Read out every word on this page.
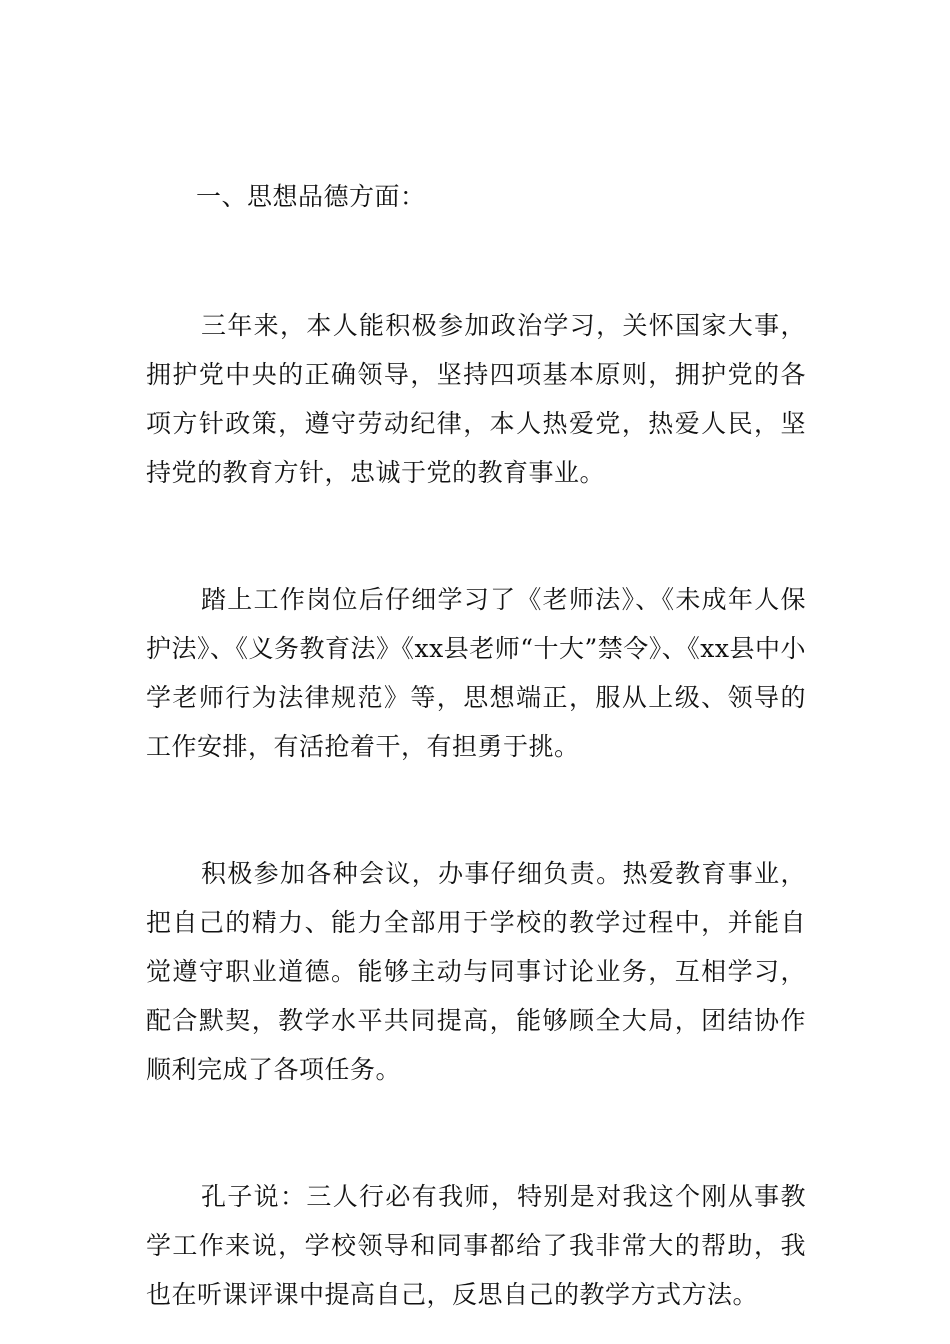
一、思想品德方面：

三年来，本人能积极参加政治学习，关怀国家大事，拥护党中央的正确领导，坚持四项基本原则，拥护党的各项方针政策，遵守劳动纪律，本人热爱党，热爱人民，坚持党的教育方针，忠诚于党的教育事业。

踏上工作岗位后仔细学习了《老师法》、《未成年人保护法》、《义务教育法》《xx县老师“十大”禁令》、《xx县中小学老师行为法律规范》等，思想端正，服从上级、领导的工作安排，有活抢着干，有担勇于挑。

积极参加各种会议，办事仔细负责。热爱教育事业，把自己的精力、能力全部用于学校的教学过程中，并能自觉遵守职业道德。能够主动与同事讨论业务，互相学习，配合默契，教学水平共同提高，能够顾全大局，团结协作顺利完成了各项任务。

孔子说：三人行必有我师，特别是对我这个刚从事教学工作来说，学校领导和同事都给了我非常大的帮助，我也在听课评课中提高自己，反思自己的教学方式方法。
